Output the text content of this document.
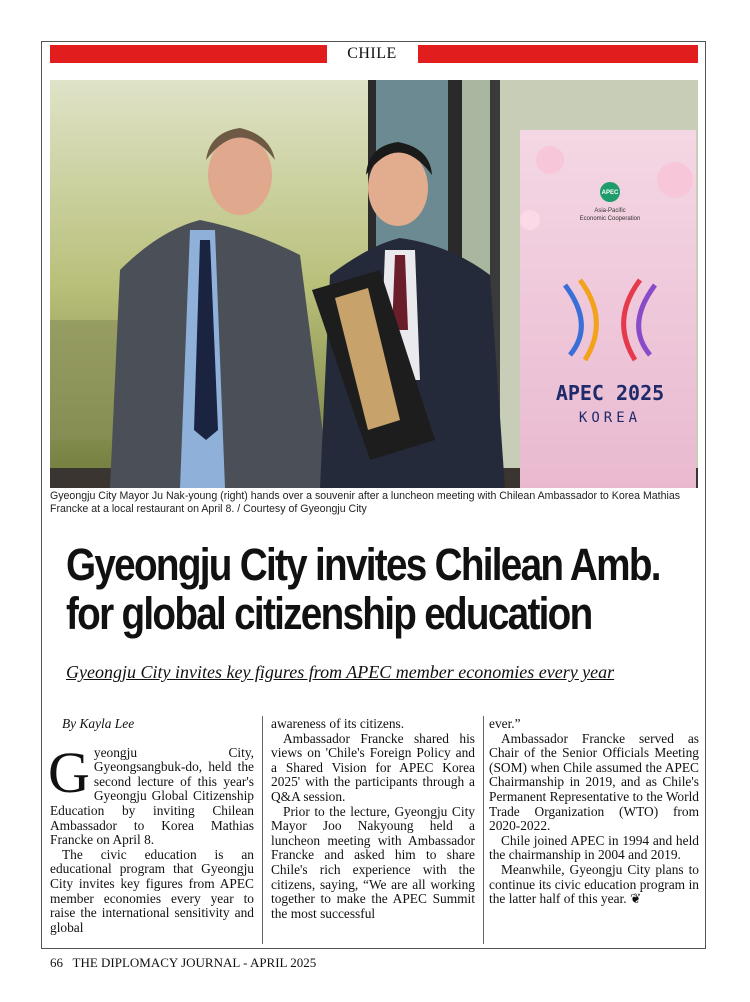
CHILE
APEC
Asia-Pacific
Economic Cooperation
APEC 2025
KOREA
Gyeongju City Mayor Ju Nak-young (right) hands over a souvenir after a luncheon meeting with Chilean Ambassador to Korea Mathias Francke at a local restaurant on April 8. / Courtesy of Gyeongju City
Gyeongju City invites Chilean Amb.
for global citizenship education
Gyeongju City invites key figures from APEC member economies every year
By Kayla Lee

Gyeongju City, Gyeongsangbuk-do, held the second lecture of this year's Gyeongju Global Citizenship Education by inviting Chilean Ambassador to Korea Mathias Francke on April 8.

The civic education is an educational program that Gyeongju City invites key figures from APEC member economies every year to raise the international sensitivity and global

awareness of its citizens.

Ambassador Francke shared his views on 'Chile's Foreign Policy and a Shared Vision for APEC Korea 2025' with the participants through a Q&A session.

Prior to the lecture, Gyeongju City Mayor Joo Nakyoung held a luncheon meeting with Ambassador Francke and asked him to share Chile's rich experience with the citizens, saying, “We are all working together to make the APEC Summit the most successful

ever.”

Ambassador Francke served as Chair of the Senior Officials Meeting (SOM) when Chile assumed the APEC Chairmanship in 2019, and as Chile's Permanent Representative to the World Trade Organization (WTO) from 2020-2022.

Chile joined APEC in 1994 and held the chairmanship in 2004 and 2019.

Meanwhile, Gyeongju City plans to continue its civic education program in the latter half of this year. ❦

66   THE DIPLOMACY JOURNAL - APRIL 2025
